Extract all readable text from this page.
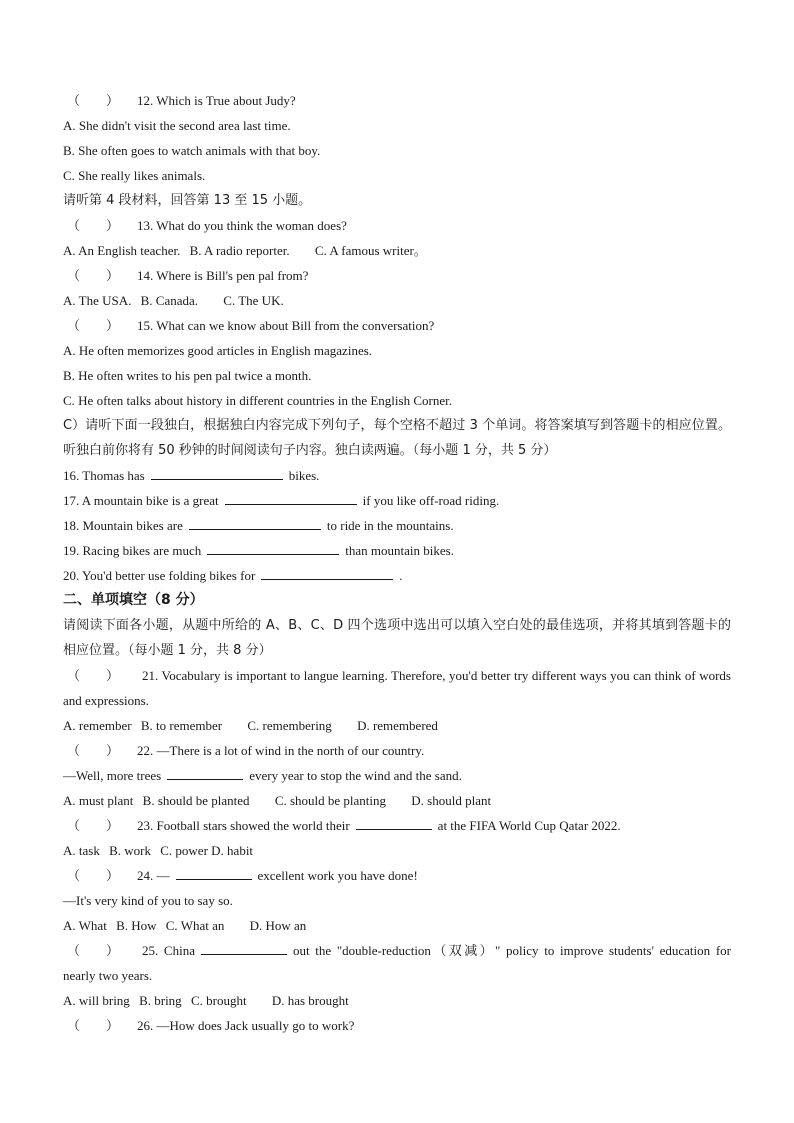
（　　） 12. Which is True about Judy?
A. She didn't visit the second area last time.
B. She often goes to watch animals with that boy.
C. She really likes animals.
请听第 4 段材料，回答第 13 至 15 小题。
（　　） 13. What do you think the woman does?
A. An English teacher. B. A radio reporter. C. A famous writer。
（　　） 14. Where is Bill's pen pal from?
A. The USA. B. Canada. C. The UK.
（　　） 15. What can we know about Bill from the conversation?
A. He often memorizes good articles in English magazines.
B. He often writes to his pen pal twice a month.
C. He often talks about history in different countries in the English Corner.
C）请听下面一段独白，根据独白内容完成下列句子，每个空格不超过 3 个单词。将答案填写到答题卡的相应位置。听独白前你将有 50 秒钟的时间阅读句子内容。独白读两遍。（每小题 1 分，共 5 分）
16. Thomas has	bikes.
17. A mountain bike is a great	if you like off-road riding.
18. Mountain bikes are	to ride in the mountains.
19. Racing bikes are much	than mountain bikes.
20. You'd better use folding bikes for	.
二、单项填空（8 分）
请阅读下面各小题，从题中所给的 A、B、C、D 四个选项中选出可以填入空白处的最佳选项，并将其填到答题卡的相应位置。（每小题 1 分，共 8 分）
（　　） 21. Vocabulary is important to langue learning. Therefore, you'd better try different ways you can think of words and expressions.
A. remember B. to remember C. remembering D. remembered
（　　） 22. —There is a lot of wind in the north of our country.
—Well, more trees	every year to stop the wind and the sand.
A. must plant B. should be planted C. should be planting D. should plant
（　　） 23. Football stars showed the world their	at the FIFA World Cup Qatar 2022.
A. task B. work C. power D. habit
（　　） 24. —	excellent work you have done!
—It's very kind of you to say so.
A. What B. How C. What an D. How an
（　　） 25. China	out the "double-reduction（双减）" policy to improve students' education for nearly two years.
A. will bring B. bring C. brought D. has brought
（　　） 26. —How does Jack usually go to work?
